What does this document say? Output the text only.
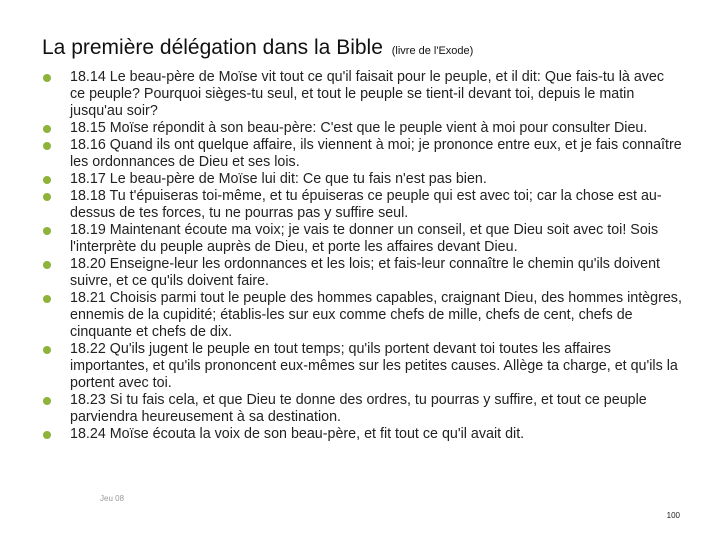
La première délégation dans la Bible (livre de l'Exode)
18.14 Le beau-père de Moïse vit tout ce qu'il faisait pour le peuple, et il dit: Que fais-tu là avec ce peuple? Pourquoi sièges-tu seul, et tout le peuple se tient-il devant toi, depuis le matin jusqu'au soir?
18.15 Moïse répondit à son beau-père: C'est que le peuple vient à moi pour consulter Dieu.
18.16 Quand ils ont quelque affaire, ils viennent à moi; je prononce entre eux, et je fais connaître les ordonnances de Dieu et ses lois.
18.17 Le beau-père de Moïse lui dit: Ce que tu fais n'est pas bien.
18.18 Tu t'épuiseras toi-même, et tu épuiseras ce peuple qui est avec toi; car la chose est au-dessus de tes forces, tu ne pourras pas y suffire seul.
18.19 Maintenant écoute ma voix; je vais te donner un conseil, et que Dieu soit avec toi! Sois l'interprète du peuple auprès de Dieu, et porte les affaires devant Dieu.
18.20 Enseigne-leur les ordonnances et les lois; et fais-leur connaître le chemin qu'ils doivent suivre, et ce qu'ils doivent faire.
18.21 Choisis parmi tout le peuple des hommes capables, craignant Dieu, des hommes intègres, ennemis de la cupidité; établis-les sur eux comme chefs de mille, chefs de cent, chefs de cinquante et chefs de dix.
18.22 Qu'ils jugent le peuple en tout temps; qu'ils portent devant toi toutes les affaires importantes, et qu'ils prononcent eux-mêmes sur les petites causes. Allège ta charge, et qu'ils la portent avec toi.
18.23 Si tu fais cela, et que Dieu te donne des ordres, tu pourras y suffire, et tout ce peuple parviendra heureusement à sa destination.
18.24 Moïse écouta la voix de son beau-père, et fit tout ce qu'il avait dit.
Jeu 08
100
